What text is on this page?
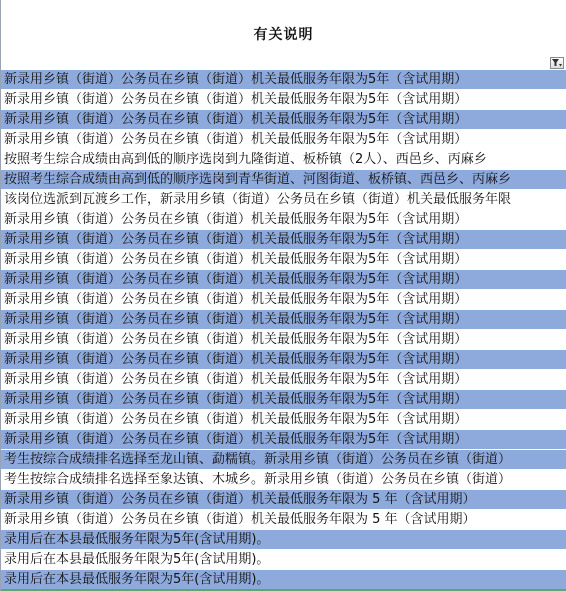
有关说明
新录用乡镇（街道）公务员在乡镇（街道）机关最低服务年限为5年（含试用期）
新录用乡镇（街道）公务员在乡镇（街道）机关最低服务年限为5年（含试用期）
新录用乡镇（街道）公务员在乡镇（街道）机关最低服务年限为5年（含试用期）
新录用乡镇（街道）公务员在乡镇（街道）机关最低服务年限为5年（含试用期）
按照考生综合成绩由高到低的顺序选岗到九隆街道、板桥镇（2人）、西邑乡、丙麻乡
按照考生综合成绩由高到低的顺序选岗到青华街道、河图街道、板桥镇、西邑乡、丙麻乡
该岗位选派到瓦渡乡工作，新录用乡镇（街道）公务员在乡镇（街道）机关最低服务年限
新录用乡镇（街道）公务员在乡镇（街道）机关最低服务年限为5年（含试用期）
新录用乡镇（街道）公务员在乡镇（街道）机关最低服务年限为5年（含试用期）
新录用乡镇（街道）公务员在乡镇（街道）机关最低服务年限为5年（含试用期）
新录用乡镇（街道）公务员在乡镇（街道）机关最低服务年限为5年（含试用期）
新录用乡镇（街道）公务员在乡镇（街道）机关最低服务年限为5年（含试用期）
新录用乡镇（街道）公务员在乡镇（街道）机关最低服务年限为5年（含试用期）
新录用乡镇（街道）公务员在乡镇（街道）机关最低服务年限为5年（含试用期）
新录用乡镇（街道）公务员在乡镇（街道）机关最低服务年限为5年（含试用期）
新录用乡镇（街道）公务员在乡镇（街道）机关最低服务年限为5年（含试用期）
新录用乡镇（街道）公务员在乡镇（街道）机关最低服务年限为5年（含试用期）
新录用乡镇（街道）公务员在乡镇（街道）机关最低服务年限为5年（含试用期）
新录用乡镇（街道）公务员在乡镇（街道）机关最低服务年限为5年（含试用期）
考生按综合成绩排名选择至龙山镇、勐糯镇。新录用乡镇（街道）公务员在乡镇（街道）
考生按综合成绩排名选择至象达镇、木城乡。新录用乡镇（街道）公务员在乡镇（街道）
新录用乡镇（街道）公务员在乡镇（街道）机关最低服务年限为 5 年（含试用期）
新录用乡镇（街道）公务员在乡镇（街道）机关最低服务年限为 5 年（含试用期）
录用后在本县最低服务年限为5年(含试用期)。
录用后在本县最低服务年限为5年(含试用期)。
录用后在本县最低服务年限为5年(含试用期)。
